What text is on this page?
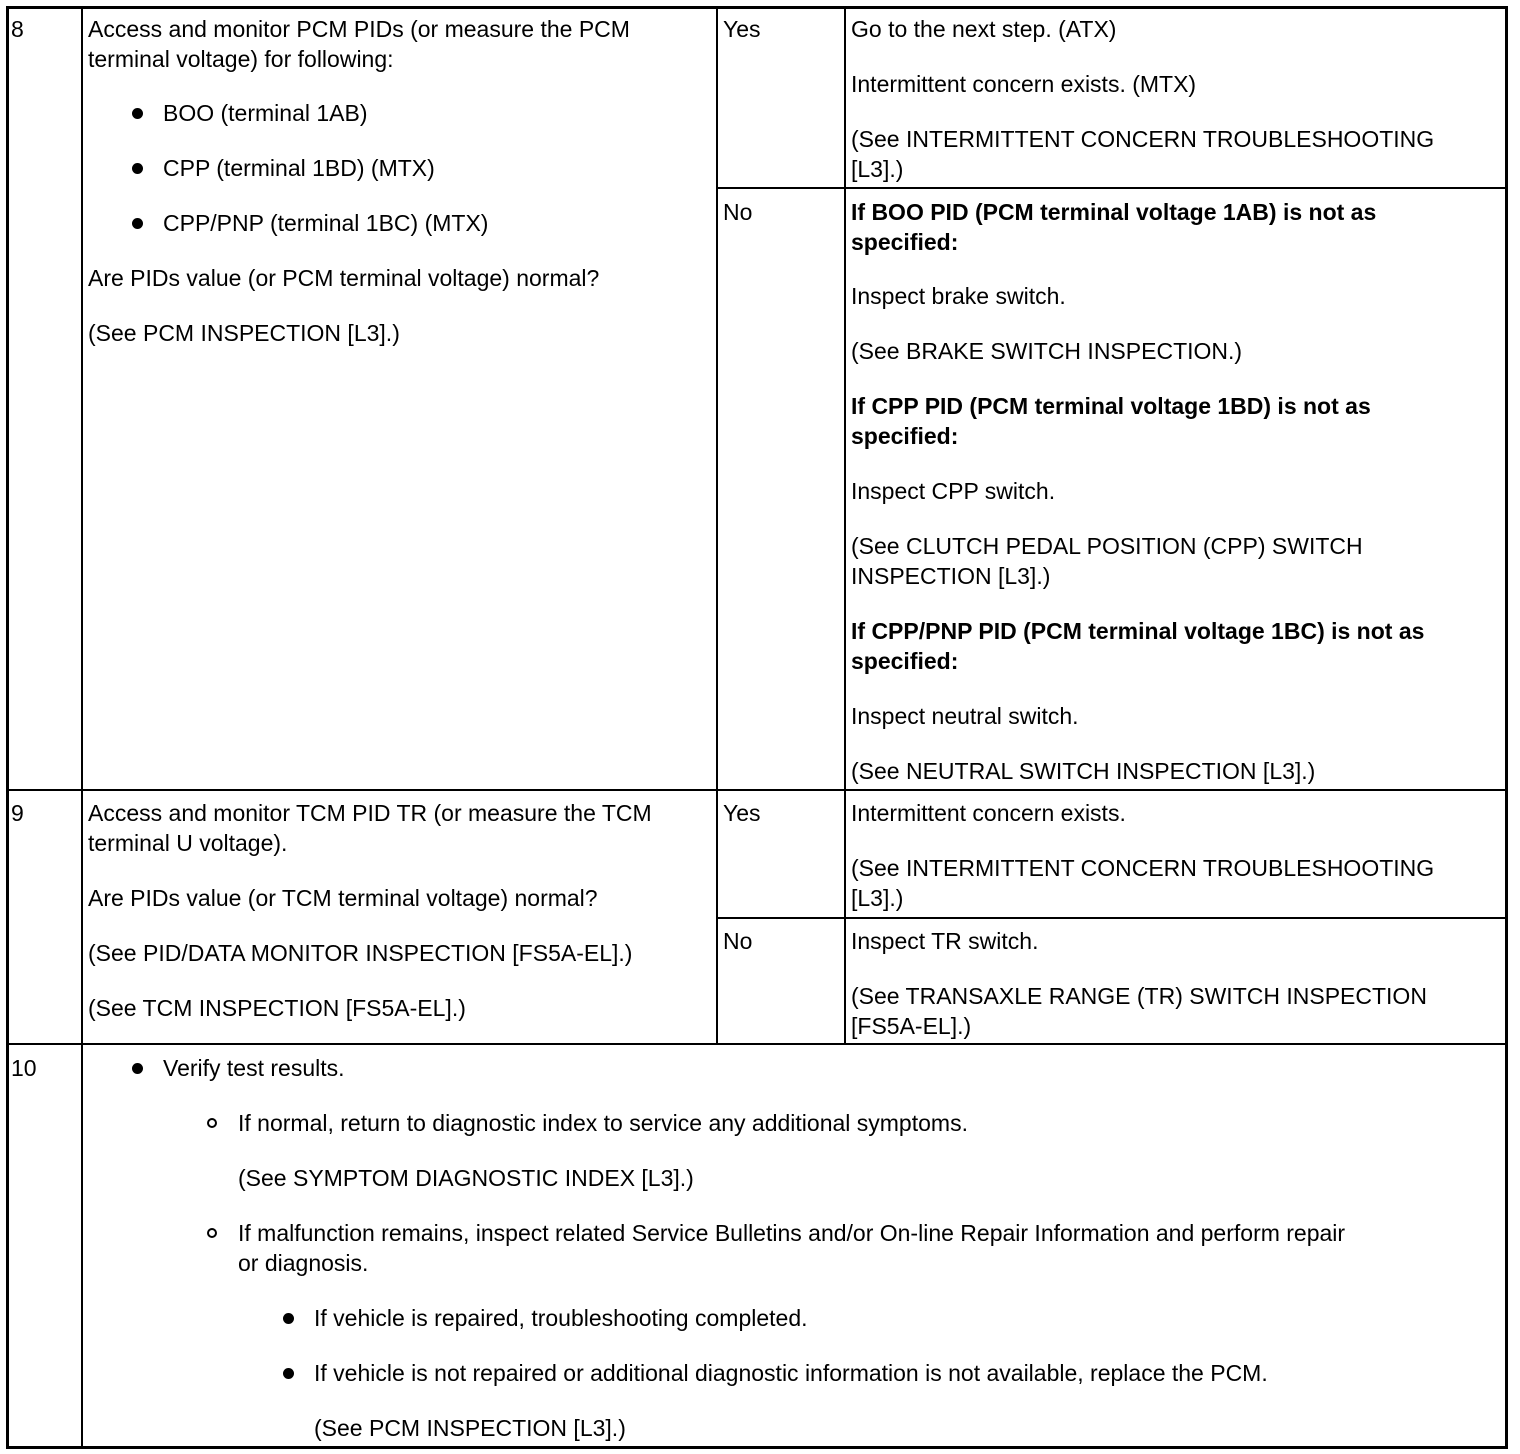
8	Access and monitor PCM PIDs (or measure the PCM
terminal voltage) for following:
BOO (terminal 1AB)
CPP (terminal 1BD) (MTX)
CPP/PNP (terminal 1BC) (MTX)
Are PIDs value (or PCM terminal voltage) normal?
(See PCM INSPECTION [L3].)
Yes	Go to the next step. (ATX)
Intermittent concern exists. (MTX)
(See INTERMITTENT CONCERN TROUBLESHOOTING
[L3].)
No	If BOO PID (PCM terminal voltage 1AB) is not as
specified:
Inspect brake switch.
(See BRAKE SWITCH INSPECTION.)
If CPP PID (PCM terminal voltage 1BD) is not as
specified:
Inspect CPP switch.
(See CLUTCH PEDAL POSITION (CPP) SWITCH
INSPECTION [L3].)
If CPP/PNP PID (PCM terminal voltage 1BC) is not as
specified:
Inspect neutral switch.
(See NEUTRAL SWITCH INSPECTION [L3].)
9	Access and monitor TCM PID TR (or measure the TCM
terminal U voltage).
Are PIDs value (or TCM terminal voltage) normal?
(See PID/DATA MONITOR INSPECTION [FS5A-EL].)
(See TCM INSPECTION [FS5A-EL].)
Yes	Intermittent concern exists.
(See INTERMITTENT CONCERN TROUBLESHOOTING
[L3].)
No	Inspect TR switch.
(See TRANSAXLE RANGE (TR) SWITCH INSPECTION
[FS5A-EL].)
10	Verify test results.
If normal, return to diagnostic index to service any additional symptoms.
(See SYMPTOM DIAGNOSTIC INDEX [L3].)
If malfunction remains, inspect related Service Bulletins and/or On-line Repair Information and perform repair
or diagnosis.
If vehicle is repaired, troubleshooting completed.
If vehicle is not repaired or additional diagnostic information is not available, replace the PCM.
(See PCM INSPECTION [L3].)
